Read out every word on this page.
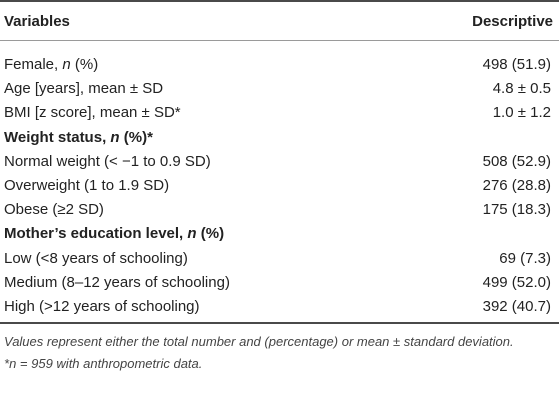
Variables	Descriptive
Female, n (%)	498 (51.9)
Age [years], mean ± SD	4.8 ± 0.5
BMI [z score], mean ± SD*	1.0 ± 1.2
Weight status, n (%)*
Normal weight (< −1 to 0.9 SD)	508 (52.9)
Overweight (1 to 1.9 SD)	276 (28.8)
Obese (≥2 SD)	175 (18.3)
Mother’s education level, n (%)
Low (<8 years of schooling)	69 (7.3)
Medium (8–12 years of schooling)	499 (52.0)
High (>12 years of schooling)	392 (40.7)
Values represent either the total number and (percentage) or mean ± standard deviation.
*n = 959 with anthropometric data.
